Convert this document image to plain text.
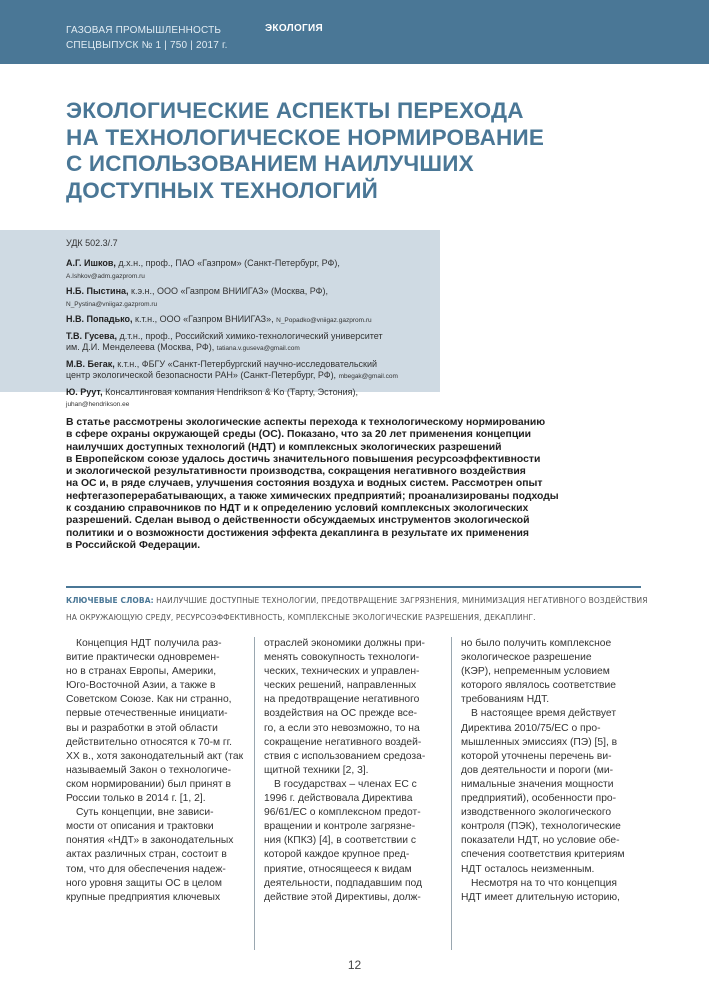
ГАЗОВАЯ ПРОМЫШЛЕННОСТЬ
СПЕЦВЫПУСК № 1 | 750 | 2017 г.
ЭКОЛОГИЯ
ЭКОЛОГИЧЕСКИЕ АСПЕКТЫ ПЕРЕХОДА
НА ТЕХНОЛОГИЧЕСКОЕ НОРМИРОВАНИЕ
С ИСПОЛЬЗОВАНИЕМ НАИЛУЧШИХ
ДОСТУПНЫХ ТЕХНОЛОГИЙ
УДК 502.3/.7
А.Г. Ишков, д.х.н., проф., ПАО «Газпром» (Санкт-Петербург, РФ),
A.Ishkov@adm.gazprom.ru
Н.Б. Пыстина, к.э.н., ООО «Газпром ВНИИГАЗ» (Москва, РФ),
N_Pystina@vniigaz.gazprom.ru
Н.В. Попадько, к.т.н., ООО «Газпром ВНИИГАЗ», N_Popadko@vniigaz.gazprom.ru
Т.В. Гусева, д.т.н., проф., Российский химико-технологический университет
им. Д.И. Менделеева (Москва, РФ), tatiana.v.guseva@gmail.com
М.В. Бегак, к.т.н., ФБГУ «Санкт-Петербургский научно-исследовательский
центр экологической безопасности РАН» (Санкт-Петербург, РФ), mbegak@gmail.com
Ю. Руут, Консалтинговая компания Hendrikson & Ko (Тарту, Эстония),
juhan@hendrikson.ee
В статье рассмотрены экологические аспекты перехода к технологическому нормированию
в сфере охраны окружающей среды (ОС). Показано, что за 20 лет применения концепции
наилучших доступных технологий (НДТ) и комплексных экологических разрешений
в Европейском союзе удалось достичь значительного повышения ресурсоэффективности
и экологической результативности производства, сокращения негативного воздействия
на ОС и, в ряде случаев, улучшения состояния воздуха и водных систем. Рассмотрен опыт
нефтегазоперерабатывающих, а также химических предприятий; проанализированы подходы
к созданию справочников по НДТ и к определению условий комплексных экологических
разрешений. Сделан вывод о действенности обсуждаемых инструментов экологической
политики и о возможности достижения эффекта декаплинга в результате их применения
в Российской Федерации.
КЛЮЧЕВЫЕ СЛОВА: НАИЛУЧШИЕ ДОСТУПНЫЕ ТЕХНОЛОГИИ, ПРЕДОТВРАЩЕНИЕ ЗАГРЯЗНЕНИЯ, МИНИМИЗАЦИЯ НЕГАТИВНОГО ВОЗДЕЙСТВИЯ
НА ОКРУЖАЮЩУЮ СРЕДУ, РЕСУРСОЭФФЕКТИВНОСТЬ, КОМПЛЕКСНЫЕ ЭКОЛОГИЧЕСКИЕ РАЗРЕШЕНИЯ, ДЕКАПЛИНГ.
Концепция НДТ получила раз-
витие практически одновремен-
но в странах Европы, Америки,
Юго-Восточной Азии, а также в
Советском Союзе. Как ни странно,
первые отечественные инициати-
вы и разработки в этой области
действительно относятся к 70-м гг.
XX в., хотя законодательный акт (так
называемый Закон о технологиче-
ском нормировании) был принят в
России только в 2014 г. [1, 2].
Суть концепции, вне зависи-
мости от описания и трактовки
понятия «НДТ» в законодательных
актах различных стран, состоит в
том, что для обеспечения надеж-
ного уровня защиты ОС в целом
крупные предприятия ключевых
отраслей экономики должны при-
менять совокупность технологи-
ческих, технических и управлен-
ческих решений, направленных
на предотвращение негативного
воздействия на ОС прежде все-
го, а если это невозможно, то на
сокращение негативного воздей-
ствия с использованием средоза-
щитной техники [2, 3].
В государствах – членах ЕС с
1996 г. действовала Директива
96/61/ЕС о комплексном предот-
вращении и контроле загрязне-
ния (КПКЗ) [4], в соответствии с
которой каждое крупное пред-
приятие, относящееся к видам
деятельности, подпадавшим под
действие этой Директивы, долж-
но было получить комплексное
экологическое разрешение
(КЭР), непременным условием
которого являлось соответствие
требованиям НДТ.
В настоящее время действует
Директива 2010/75/ЕС о про-
мышленных эмиссиях (ПЭ) [5], в
которой уточнены перечень ви-
дов деятельности и пороги (ми-
нимальные значения мощности
предприятий), особенности про-
изводственного экологического
контроля (ПЭК), технологические
показатели НДТ, но условие обе-
спечения соответствия критериям
НДТ осталось неизменным.
Несмотря на то что концепция
НДТ имеет длительную историю,
12
